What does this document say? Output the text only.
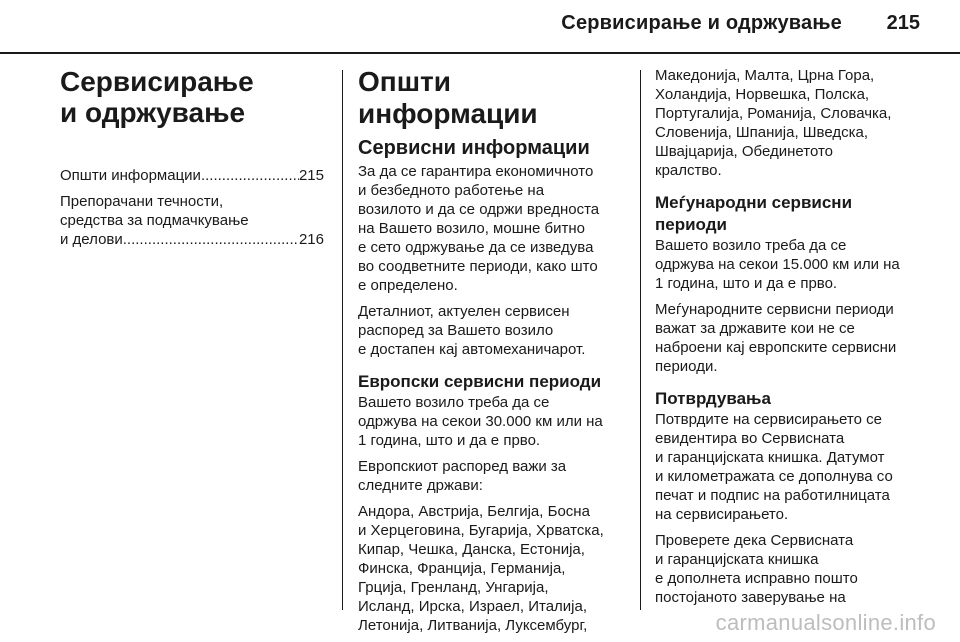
Сервисирање и одржување 215
Сервисирање
и одржување
Општи информации .....	215
Препорачани течности,
средства за подмачкување
и делови .....	216
Општи информации
Сервисни информации

За да се гарантира економичното
и безбедното работење на
возилото и да се одржи вредноста
на Вашето возило, мошне битно
е сето одржување да се изведува
во соодветните периоди, како што
е определено.

Деталниот, актуелен сервисен
распоред за Вашето возило
е достапен кај автомеханичарот.

Европски сервисни периоди

Вашето возило треба да се
одржува на секои 30.000 км или на
1 година, што и да е прво.

Европскиот распоред важи за
следните држави:

Андора, Австрија, Белгија, Босна
и Херцеговина, Бугарија, Хрватска,
Кипар, Чешка, Данска, Естонија,
Финска, Франција, Германија,
Грција, Гренланд, Унгарија,
Исланд, Ирска, Израел, Италија,
Летонија, Литванија, Луксембург,

Македонија, Малта, Црна Гора,
Холандија, Норвешка, Полска,
Португалија, Романија, Словачка,
Словенија, Шпанија, Шведска,
Швајцарија, Обединетото
кралство.

Меѓународни сервисни
периоди

Вашето возило треба да се
одржува на секои 15.000 км или на
1 година, што и да е прво.

Меѓународните сервисни периоди
важат за државите кои не се
наброени кај европските сервисни
периоди.

Потврдувања

Потврдите на сервисирањето се
евидентира во Сервисната
и гаранцијската книшка. Датумот
и километражата се дополнува со
печат и подпис на работилницата
на сервисирањето.

Проверете дека Сервисната
и гаранцијската книшка
е дополнета исправно пошто
постојаното заверување на

carmanualsonline.info
